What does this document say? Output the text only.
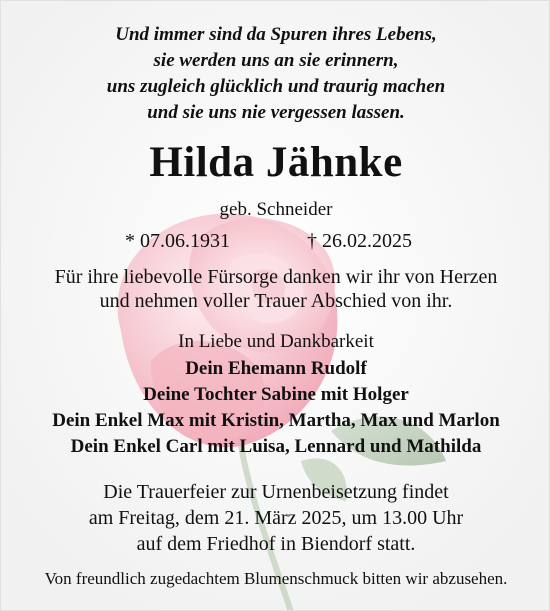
Und immer sind da Spuren ihres Lebens,
sie werden uns an sie erinnern,
uns zugleich glücklich und traurig machen
und sie uns nie vergessen lassen.
Hilda Jähnke
geb. Schneider
* 07.06.1931	† 26.02.2025
Für ihre liebevolle Fürsorge danken wir ihr von Herzen
und nehmen voller Trauer Abschied von ihr.
In Liebe und Dankbarkeit
Dein Ehemann Rudolf
Deine Tochter Sabine mit Holger
Dein Enkel Max mit Kristin, Martha, Max und Marlon
Dein Enkel Carl mit Luisa, Lennard und Mathilda
Die Trauerfeier zur Urnenbeisetzung findet
am Freitag, dem 21. März 2025, um 13.00 Uhr
auf dem Friedhof in Biendorf statt.
Von freundlich zugedachtem Blumenschmuck bitten wir abzusehen.
